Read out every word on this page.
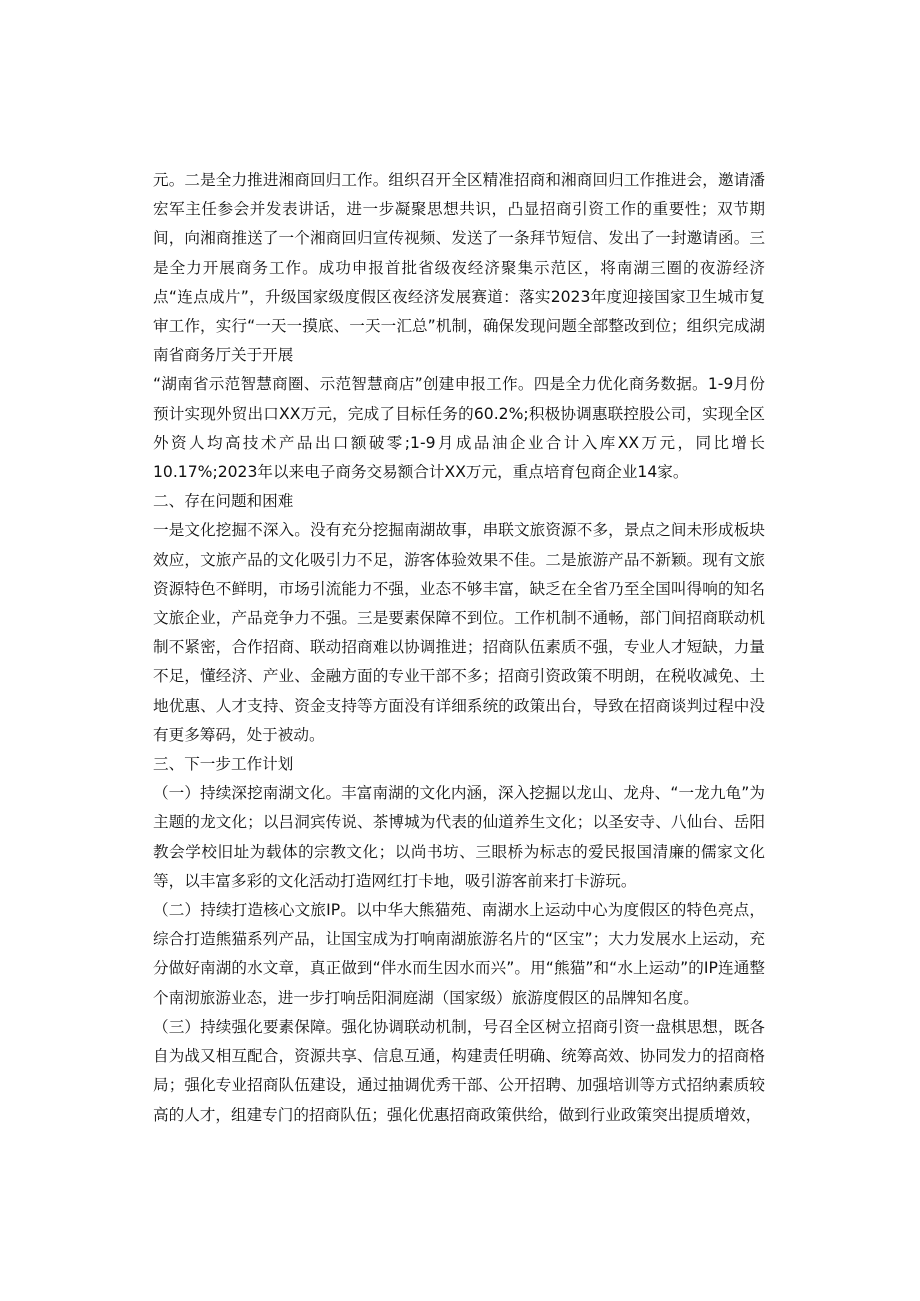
元。二是全力推进湘商回归工作。组织召开全区精准招商和湘商回归工作推进会，邀请潘宏军主任参会并发表讲话，进一步凝聚思想共识，凸显招商引资工作的重要性；双节期间，向湘商推送了一个湘商回归宣传视频、发送了一条拜节短信、发出了一封邀请函。三是全力开展商务工作。成功申报首批省级夜经济聚集示范区，将南湖三圈的夜游经济点“连点成片”，升级国家级度假区夜经济发展赛道：落实2023年度迎接国家卫生城市复审工作，实行“一天一摸底、一天一汇总”机制，确保发现问题全部整改到位；组织完成湖南省商务厅关于开展

“湖南省示范智慧商圈、示范智慧商店”创建申报工作。四是全力优化商务数据。1-9月份预计实现外贸出口XX万元，完成了目标任务的60.2%;积极协调惠联控股公司，实现全区外资人均高技术产品出口额破零;1-9月成品油企业合计入库XX万元，同比增长10.17%;2023年以来电子商务交易额合计XX万元，重点培育包商企业14家。

二、存在问题和困难

一是文化挖掘不深入。没有充分挖掘南湖故事，串联文旅资源不多，景点之间未形成板块效应，文旅产品的文化吸引力不足，游客体验效果不佳。二是旅游产品不新颖。现有文旅资源特色不鲜明，市场引流能力不强，业态不够丰富，缺乏在全省乃至全国叫得响的知名文旅企业，产品竞争力不强。三是要素保障不到位。工作机制不通畅，部门间招商联动机制不紧密，合作招商、联动招商难以协调推进；招商队伍素质不强，专业人才短缺，力量不足，懂经济、产业、金融方面的专业干部不多；招商引资政策不明朗，在税收减免、土地优惠、人才支持、资金支持等方面没有详细系统的政策出台，导致在招商谈判过程中没有更多筹码，处于被动。

三、下一步工作计划

（一）持续深挖南湖文化。丰富南湖的文化内涵，深入挖掘以龙山、龙舟、“一龙九龟”为主题的龙文化；以吕洞宾传说、茶博城为代表的仙道养生文化；以圣安寺、八仙台、岳阳教会学校旧址为载体的宗教文化；以尚书坊、三眼桥为标志的爱民报国清廉的儒家文化等，以丰富多彩的文化活动打造网红打卡地，吸引游客前来打卡游玩。

（二）持续打造核心文旅IP。以中华大熊猫苑、南湖水上运动中心为度假区的特色亮点，综合打造熊猫系列产品，让国宝成为打响南湖旅游名片的“区宝”；大力发展水上运动，充分做好南湖的水文章，真正做到“伴水而生因水而兴”。用“熊猫”和“水上运动”的IP连通整个南沏旅游业态，进一步打响岳阳洞庭湖（国家级）旅游度假区的品牌知名度。

（三）持续强化要素保障。强化协调联动机制，号召全区树立招商引资一盘棋思想，既各自为战又相互配合，资源共享、信息互通，构建责任明确、统筹高效、协同发力的招商格局；强化专业招商队伍建设，通过抽调优秀干部、公开招聘、加强培训等方式招纳素质较高的人才，组建专门的招商队伍；强化优惠招商政策供给，做到行业政策突出提质增效，
